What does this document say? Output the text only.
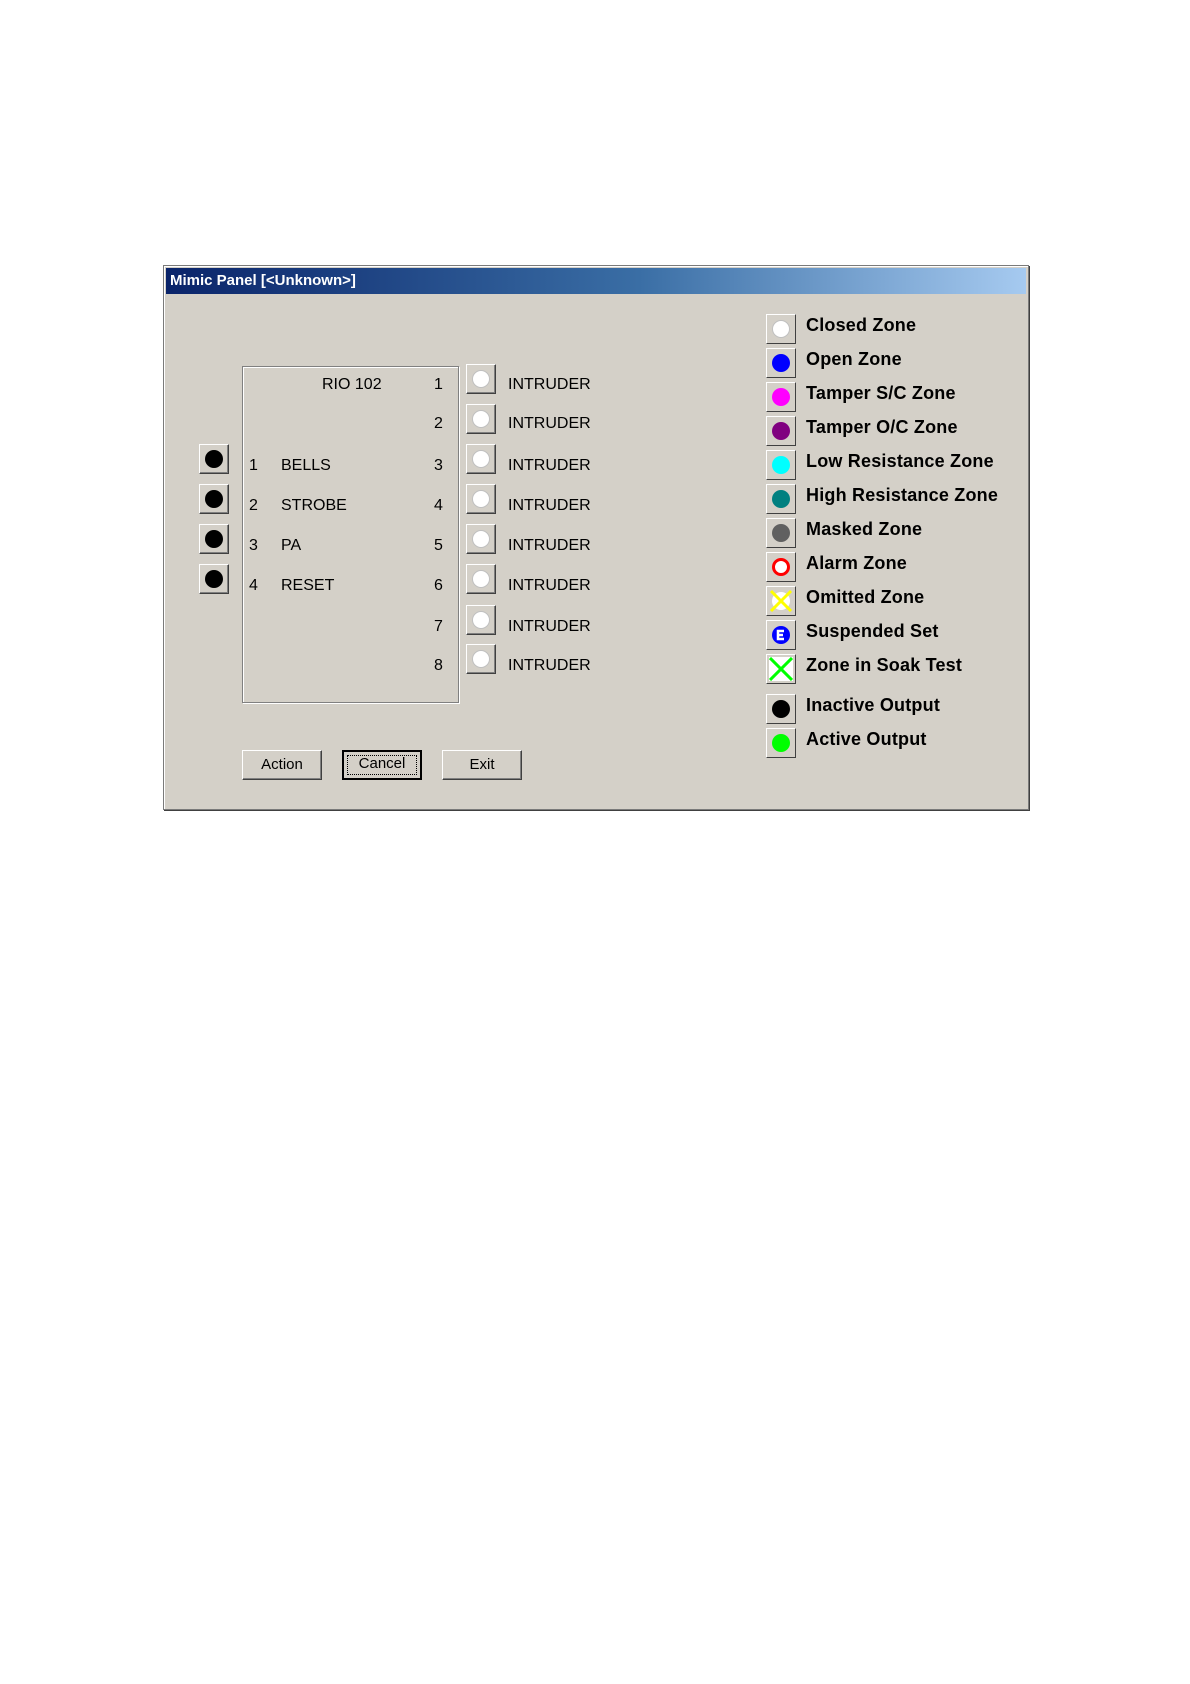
Mimic Panel [<Unknown>]
RIO 102
1 BELLS
2 STROBE
3 PA
4 RESET
1
2
3
4
5
6
7
8
INTRUDER
INTRUDER
INTRUDER
INTRUDER
INTRUDER
INTRUDER
INTRUDER
INTRUDER
Action	Cancel	Exit
Closed Zone
Open Zone
Tamper S/C Zone
Tamper O/C Zone
Low Resistance Zone
High Resistance Zone
Masked Zone
Alarm Zone
Omitted Zone
Suspended Set
Zone in Soak Test
Inactive Output
Active Output
